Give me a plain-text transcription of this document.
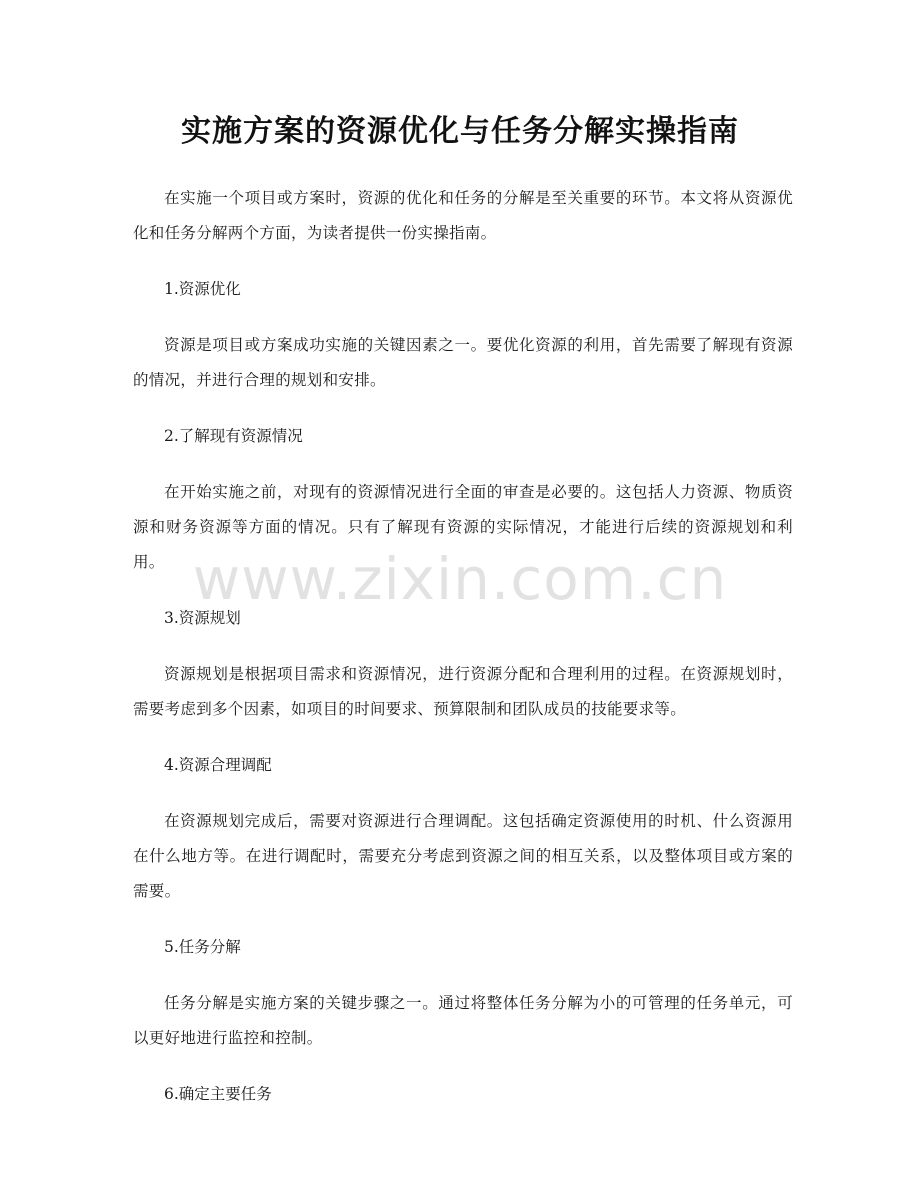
实施方案的资源优化与任务分解实操指南

在实施一个项目或方案时，资源的优化和任务的分解是至关重要的环节。本文将从资源优化和任务分解两个方面，为读者提供一份实操指南。

1.资源优化

资源是项目或方案成功实施的关键因素之一。要优化资源的利用，首先需要了解现有资源的情况，并进行合理的规划和安排。

2.了解现有资源情况

在开始实施之前，对现有的资源情况进行全面的审查是必要的。这包括人力资源、物质资源和财务资源等方面的情况。只有了解现有资源的实际情况，才能进行后续的资源规划和利用。

3.资源规划

资源规划是根据项目需求和资源情况，进行资源分配和合理利用的过程。在资源规划时，需要考虑到多个因素，如项目的时间要求、预算限制和团队成员的技能要求等。

4.资源合理调配

在资源规划完成后，需要对资源进行合理调配。这包括确定资源使用的时机、什么资源用在什么地方等。在进行调配时，需要充分考虑到资源之间的相互关系，以及整体项目或方案的需要。

5.任务分解

任务分解是实施方案的关键步骤之一。通过将整体任务分解为小的可管理的任务单元，可以更好地进行监控和控制。

6.确定主要任务

www.zixin.com.cn
